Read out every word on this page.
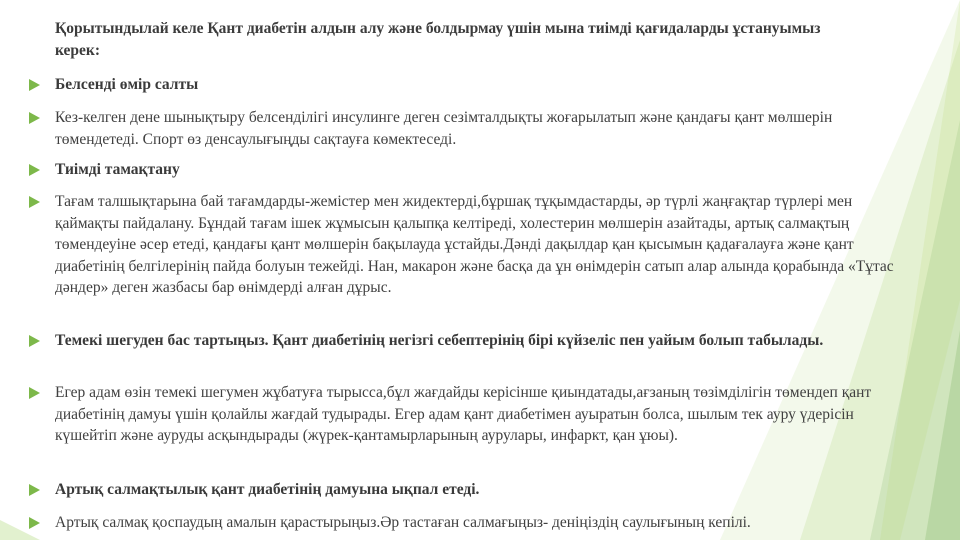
Қорытындылай келе Қант диабетін алдын алу және болдырмау үшін мына тиімді қағидаларды ұстануымыз керек:
Белсенді өмір салты
Кез-келген дене шынықтыру белсенділігі инсулинге деген сезімталдықты жоғарылатып және қандағы қант мөлшерін төмендетеді. Спорт өз денсаулығыңды сақтауға көмектеседі.
Тиімді тамақтану
Тағам талшықтарына бай тағамдарды-жемістер мен жидектерді,бұршақ тұқымдастарды, әр түрлі жаңғақтар түрлері мен қаймақты пайдалану. Бұндай тағам ішек жұмысын қалыпқа келтіреді, холестерин мөлшерін азайтады, артық салмақтың төмендеуіне әсер етеді, қандағы қант мөлшерін бақылауда ұстайды.Дәнді дақылдар қан қысымын қадағалауға және қант диабетінің белгілерінің пайда болуын тежейді. Нан, макарон және басқа да ұн өнімдерін сатып алар алында қорабында «Тұтас дәндер» деген жазбасы бар өнімдерді алған дұрыс.
Темекі шегуден бас тартыңыз. Қант диабетінің негізгі себептерінің бірі күйзеліс пен уайым болып табылады.
Егер адам өзін темекі шегумен жұбатуға тырысса,бұл жағдайды керісінше қиындатады,ағзаның төзімділігін төмендеп қант диабетінің дамуы үшін қолайлы жағдай тудырады. Егер адам қант диабетімен ауыратын болса, шылым тек ауру үдерісін күшейтіп және ауруды асқындырады (жүрек-қантамырларының аурулары, инфаркт, қан ұюы).
Артық салмақтылық қант диабетінің дамуына ықпал етеді.
Артық салмақ қоспаудың амалын қарастырыңыз.Әр тастаған салмағыңыз- деніңіздің саулығының кепілі.
